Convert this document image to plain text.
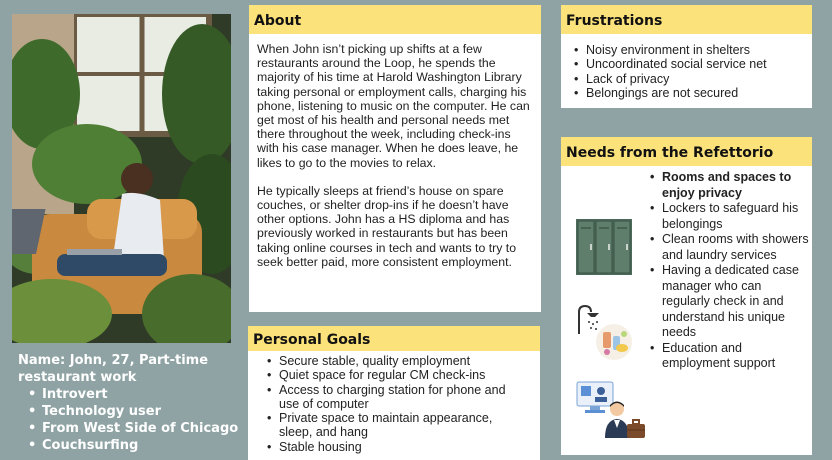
Name: John, 27, Part-time restaurant work
• Introvert
• Technology user
• From West Side of Chicago
• Couchsurfing
About

When John isn’t picking up shifts at a few restaurants around the Loop, he spends the majority of his time at Harold Washington Library taking personal or employment calls, charging his phone, listening to music on the computer. He can get most of his health and personal needs met there throughout the week, including check-ins with his case manager. When he does leave, he likes to go to the movies to relax.

He typically sleeps at friend’s house on spare couches, or shelter drop-ins if he doesn’t have other options. John has a HS diploma and has previously worked in restaurants but has been taking online courses in tech and wants to try to seek better paid, more consistent employment.

Personal Goals
• Secure stable, quality employment
• Quiet space for regular CM check-ins
• Access to charging station for phone and use of computer
• Private space to maintain appearance, sleep, and hang
• Stable housing
Frustrations
• Noisy environment in shelters
• Uncoordinated social service net
• Lack of privacy
• Belongings are not secured
Needs from the Refettorio
• Rooms and spaces to enjoy privacy
• Lockers to safeguard his belongings
• Clean rooms with showers and laundry services
• Having a dedicated case manager who can regularly check in and understand his unique needs
• Education and employment support
